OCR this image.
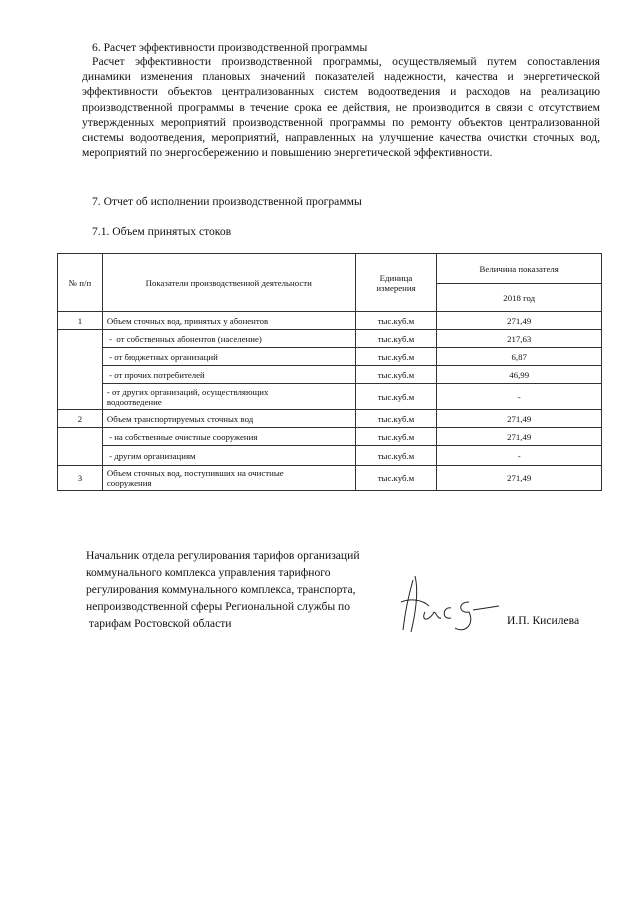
6. Расчет эффективности производственной программы

Расчет эффективности производственной программы, осуществляемый путем сопоставления динамики изменения плановых значений показателей надежности, качества и энергетической эффективности объектов централизованных систем водоотведения и расходов на реализацию производственной программы в течение срока ее действия, не производится в связи с отсутствием утвержденных мероприятий производственной программы по ремонту объектов централизованной системы водоотведения, мероприятий, направленных на улучшение качества очистки сточных вод, мероприятий по энергосбережению и повышению энергетической эффективности.

7. Отчет об исполнении производственной программы
7.1. Объем принятых стоков
№ п/п	Показатели производственной деятельности	Единица измерения	Величина показателя
			2018 год
1	Объем сточных вод, принятых у абонентов	тыс.куб.м	271,49
	-  от собственных абонентов (население)	тыс.куб.м	217,63
	- от бюджетных организаций	тыс.куб.м	6,87
	- от прочих потребителей	тыс.куб.м	46,99
	- от других организаций, осуществляющих водоотведение	тыс.куб.м	-
2	Объем транспортируемых сточных вод	тыс.куб.м	271,49
	- на собственные очистные сооружения	тыс.куб.м	271,49
	- другим организациям	тыс.куб.м	-
3	Объем сточных вод, поступивших на очистные сооружения	тыс.куб.м	271,49
Начальник отдела регулирования тарифов организаций
коммунального комплекса управления тарифного
регулирования коммунального комплекса, транспорта,
непроизводственной сферы Региональной службы по
тарифам Ростовской области	И.П. Кисилева
